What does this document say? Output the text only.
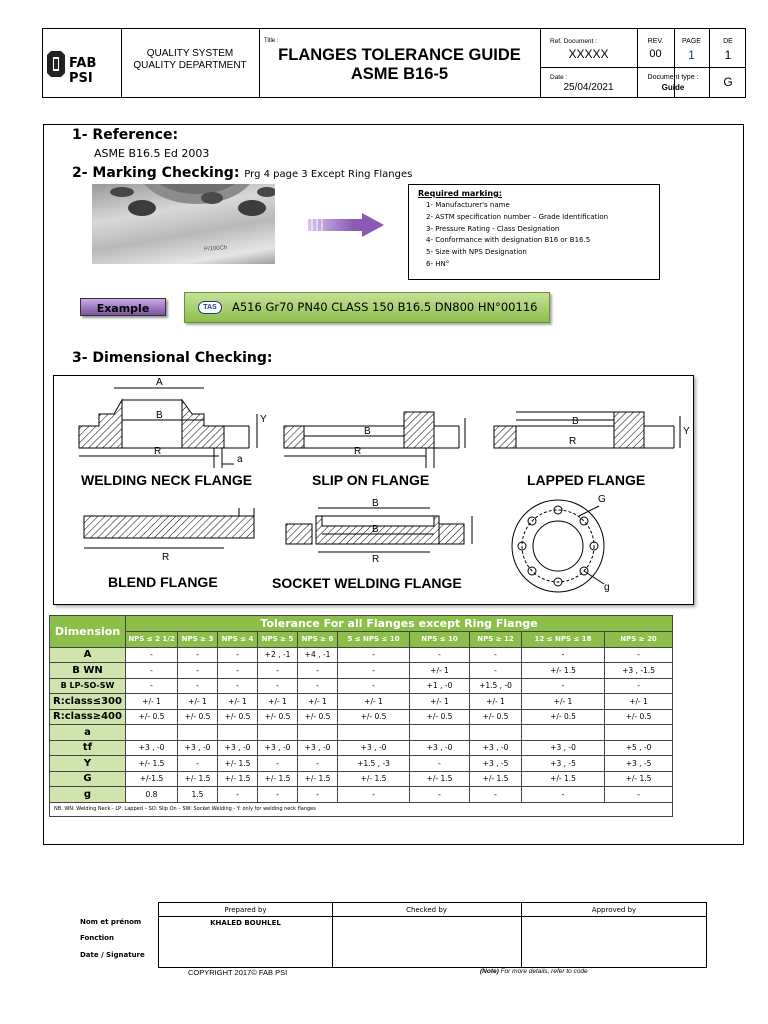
FAB PSI
QUALITY SYSTEM
QUALITY DEPARTMENT
Title :
FLANGES TOLERANCE GUIDE
ASME B16-5
Ref. Document :
XXXXX
Date :
25/04/2021
REV.
00
PAGE
1
DE
1
Document type :
Guide	G
1- Reference:
ASME B16.5 Ed 2003
2- Marking Checking: Prg 4 page 3 Except Ring Flanges
P/100Ch
Required marking:
1- Manufacturer's name
2- ASTM specification number – Grade Identification
3- Pressure Rating - Class Designation
4- Conformance with designation B16 or B16.5
5- Size with NPS Designation
6- HN°
Example	TAS	A516 Gr70 PN40 CLASS 150 B16.5 DN800 HN°00116
3- Dimensional Checking:
A
B
R
a
Y
B
R
B
R
Y
R
B
B
R
G
g
WELDING NECK FLANGE	SLIP ON FLANGE	LAPPED FLANGE
BLEND FLANGE	SOCKET WELDING FLANGE
Dimension	Tolerance For all Flanges except Ring Flange									
	NPS ≤ 2 1/2	NPS ≥ 3	NPS ≤ 4	NPS ≥ 5	NPS ≥ 6	5 ≤ NPS ≤ 10	NPS ≤ 10	NPS ≥ 12	12 ≤ NPS ≤ 18	NPS ≥ 20
A	-	-	-	+2 , -1	+4 , -1	-	-	-	-	-
B WN	-	-	-	-	-	-	+/- 1	-	+/- 1.5	+3 , -1.5
B LP-SO-SW	-	-	-	-	-	-	+1 , -0	+1.5 , -0	-	-
R:class≤300	+/- 1	+/- 1	+/- 1	+/- 1	+/- 1	+/- 1	+/- 1	+/- 1	+/- 1	+/- 1
R:class≥400	+/- 0.5	+/- 0.5	+/- 0.5	+/- 0.5	+/- 0.5	+/- 0.5	+/- 0.5	+/- 0.5	+/- 0.5	+/- 0.5
a										
tf	+3 , -0	+3 , -0	+3 , -0	+3 , -0	+3 , -0	+3 , -0	+3 , -0	+3 , -0	+3 , -0	+5 , -0
Y	+/- 1.5	-	+/- 1.5	-	-	+1.5 , -3	-	+3 , -5	+3 , -5	+3 , -5
G	+/-1.5	+/- 1.5	+/- 1.5	+/- 1.5	+/- 1.5	+/- 1.5	+/- 1.5	+/- 1.5	+/- 1.5	+/- 1.5
g	0.8	1.5	-	-	-	-	-	-	-	-
NB. WN: Welding Neck - LP: Lapped – SO: Slip On – SW: Socket Welding - Y: only for welding neck flanges										
Prepared by	Checked by	Approved by
KHALED BOUHLEL
Nom et prénom
Fonction
Date / Signature
COPYRIGHT 2017© FAB PSI	(Note) For more details, refer to code
